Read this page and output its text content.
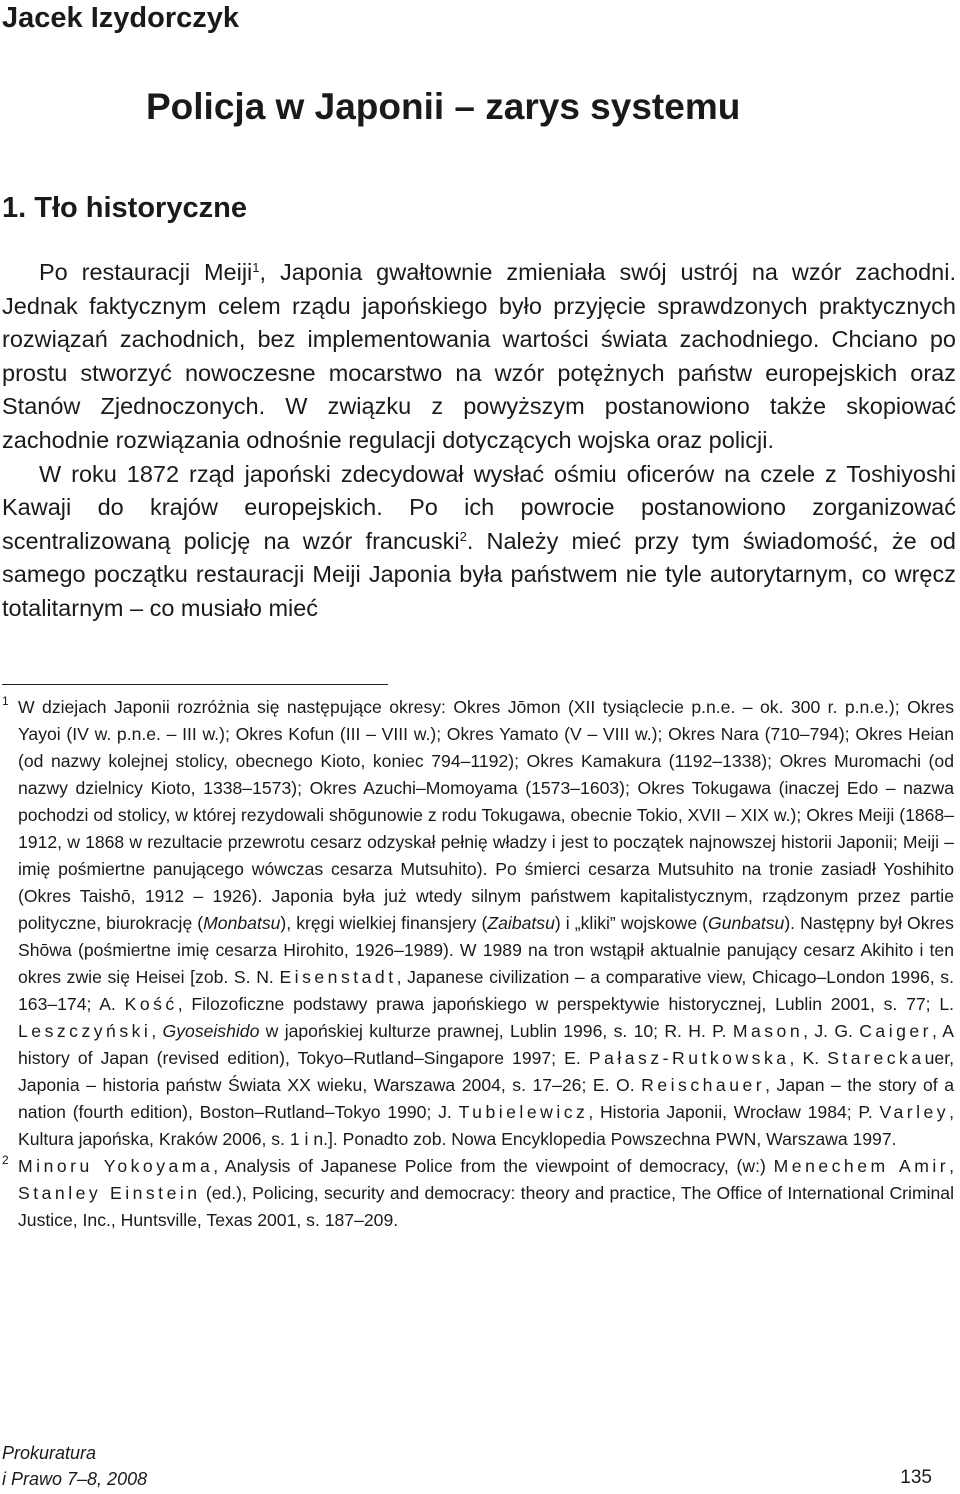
Jacek Izydorczyk
Policja w Japonii – zarys systemu
1. Tło historyczne

Po restauracji Meiji$^1$, Japonia gwałtownie zmieniała swój ustrój na wzór zachodni. Jednak faktycznym celem rządu japońskiego było przyjęcie sprawdzonych praktycznych rozwiązań zachodnich, bez implementowania wartości świata zachodniego. Chciano po prostu stworzyć nowoczesne mocarstwo na wzór potężnych państw europejskich oraz Stanów Zjednoczonych. W związku z powyższym postanowiono także skopiować zachodnie rozwiązania odnośnie regulacji dotyczących wojska oraz policji.

W roku 1872 rząd japoński zdecydował wysłać ośmiu oficerów na czele z Toshiyoshi Kawaji do krajów europejskich. Po ich powrocie postanowiono zorganizować scentralizowaną policję na wzór francuski$^2$. Należy mieć przy tym świadomość, że od samego początku restauracji Meiji Japonia była państwem nie tyle autorytarnym, co wręcz totalitarnym – co musiało mieć

1 W dziejach Japonii rozróżnia się następujące okresy: Okres Jōmon (XII tysiąclecie p.n.e. – ok. 300 r. p.n.e.); Okres Yayoi (IV w. p.n.e. – III w.); Okres Kofun (III – VIII w.); Okres Yamato (V – VIII w.); Okres Nara (710–794); Okres Heian (od nazwy kolejnej stolicy, obecnego Kioto, koniec 794–1192); Okres Kamakura (1192–1338); Okres Muromachi (od nazwy dzielnicy Kioto, 1338–1573); Okres Azuchi–Momoyama (1573–1603); Okres Tokugawa (inaczej Edo – nazwa pochodzi od stolicy, w której rezydowali shōgunowie z rodu Tokugawa, obecnie Tokio, XVII – XIX w.); Okres Meiji (1868–1912, w 1868 w rezultacie przewrotu cesarz odzyskał pełnię władzy i jest to początek najnowszej historii Japonii; Meiji – imię pośmiertne panującego wówczas cesarza Mutsuhito). Po śmierci cesarza Mutsuhito na tronie zasiadł Yoshihito (Okres Taishō, 1912 – 1926). Japonia była już wtedy silnym państwem kapitalistycznym, rządzonym przez partie polityczne, biurokrację (Monbatsu), kręgi wielkiej finansjery (Zaibatsu) i „kliki” wojskowe (Gunbatsu). Następny był Okres Shōwa (pośmiertne imię cesarza Hirohito, 1926–1989). W 1989 na tron wstąpił aktualnie panujący cesarz Akihito i ten okres zwie się Heisei [zob. S. N. Eisenstadt, Japanese civilization – a comparative view, Chicago–London 1996, s. 163–174; A. Kość, Filozoficzne podstawy prawa japońskiego w perspektywie historycznej, Lublin 2001, s. 77; L. Leszczyński, Gyoseishido w japońskiej kulturze prawnej, Lublin 1996, s. 10; R. H. P. Mason, J. G. Caiger, A history of Japan (revised edition), Tokyo–Rutland–Singapore 1997; E. Pałasz-Rutkowska, K. Stareckauer, Japonia – historia państw Świata XX wieku, Warszawa 2004, s. 17–26; E. O. Reischauer, Japan – the story of a nation (fourth edition), Boston–Rutland–Tokyo 1990; J. Tubielewicz, Historia Japonii, Wrocław 1984; P. Varley, Kultura japońska, Kraków 2006, s. 1 i n.]. Ponadto zob. Nowa Encyklopedia Powszechna PWN, Warszawa 1997.
2 Minoru Yokoyama, Analysis of Japanese Police from the viewpoint of democracy, (w:) Menechem Amir, Stanley Einstein (ed.), Policing, security and democracy: theory and practice, The Office of International Criminal Justice, Inc., Huntsville, Texas 2001, s. 187–209.
Prokuratura
i Prawo 7–8, 2008	135
